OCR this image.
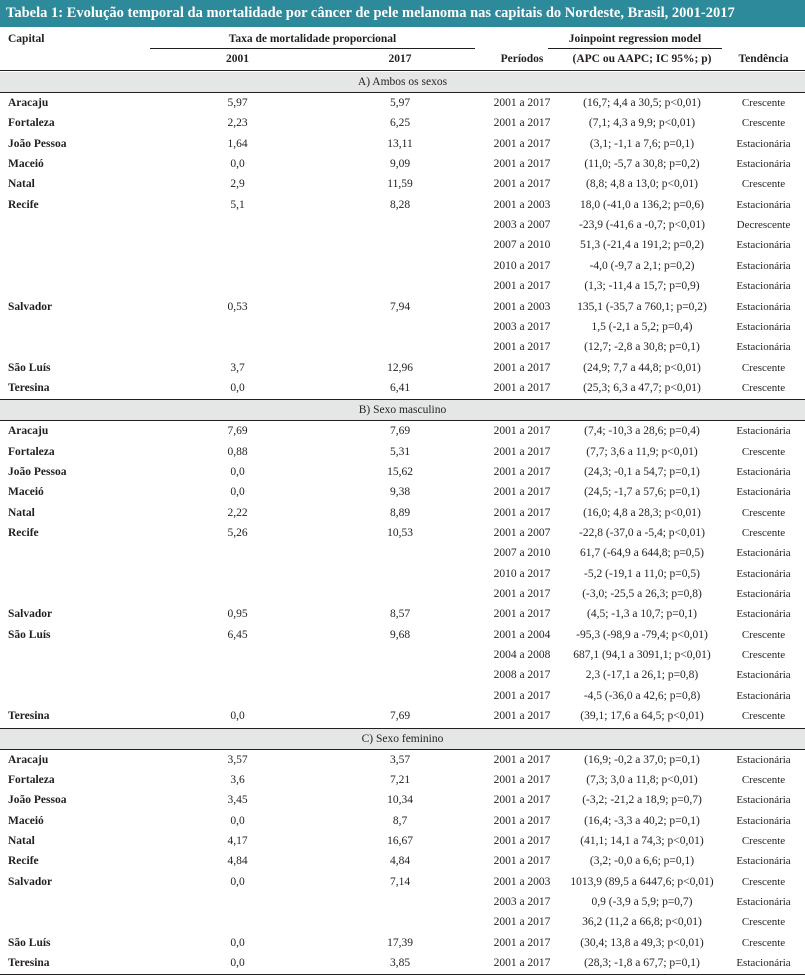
Tabela 1: Evolução temporal da mortalidade por câncer de pele melanoma nas capitais do Nordeste, Brasil, 2001-2017
Capital	Taxa de mortalidade proporcional	Joinpoint regression model
2001	2017	Períodos	(APC ou AAPC; IC 95%; p)	Tendência
A) Ambos os sexos
Aracaju	5,97	5,97	2001 a 2017	(16,7; 4,4 a 30,5; p<0,01)	Crescente
Fortaleza	2,23	6,25	2001 a 2017	(7,1; 4,3 a 9,9; p<0,01)	Crescente
João Pessoa	1,64	13,11	2001 a 2017	(3,1; -1,1 a 7,6; p=0,1)	Estacionária
Maceió	0,0	9,09	2001 a 2017	(11,0; -5,7 a 30,8; p=0,2)	Estacionária
Natal	2,9	11,59	2001 a 2017	(8,8; 4,8 a 13,0; p<0,01)	Crescente
Recife	5,1	8,28	2001 a 2003	18,0 (-41,0 a 136,2; p=0,6)	Estacionária
2003 a 2007	-23,9 (-41,6 a -0,7; p<0,01)	Decrescente
2007 a 2010	51,3 (-21,4 a 191,2; p=0,2)	Estacionária
2010 a 2017	-4,0 (-9,7 a 2,1; p=0,2)	Estacionária
2001 a 2017	(1,3; -11,4 a 15,7; p=0,9)	Estacionária
Salvador	0,53	7,94	2001 a 2003	135,1 (-35,7 a 760,1; p=0,2)	Estacionária
2003 a 2017	1,5 (-2,1 a 5,2; p=0,4)	Estacionária
2001 a 2017	(12,7; -2,8 a 30,8; p=0,1)	Estacionária
São Luís	3,7	12,96	2001 a 2017	(24,9; 7,7 a 44,8; p<0,01)	Crescente
Teresina	0,0	6,41	2001 a 2017	(25,3; 6,3 a 47,7; p<0,01)	Crescente
B) Sexo masculino
Aracaju	7,69	7,69	2001 a 2017	(7,4; -10,3 a 28,6; p=0,4)	Estacionária
Fortaleza	0,88	5,31	2001 a 2017	(7,7; 3,6 a 11,9; p<0,01)	Crescente
João Pessoa	0,0	15,62	2001 a 2017	(24,3; -0,1 a 54,7; p=0,1)	Estacionária
Maceió	0,0	9,38	2001 a 2017	(24,5; -1,7 a 57,6; p=0,1)	Estacionária
Natal	2,22	8,89	2001 a 2017	(16,0; 4,8 a 28,3; p<0,01)	Crescente
Recife	5,26	10,53	2001 a 2007	-22,8 (-37,0 a -5,4; p<0,01)	Crescente
2007 a 2010	61,7 (-64,9 a 644,8; p=0,5)	Estacionária
2010 a 2017	-5,2 (-19,1 a 11,0; p=0,5)	Estacionária
2001 a 2017	(-3,0; -25,5 a 26,3; p=0,8)	Estacionária
Salvador	0,95	8,57	2001 a 2017	(4,5; -1,3 a 10,7; p=0,1)	Estacionária
São Luís	6,45	9,68	2001 a 2004	-95,3 (-98,9 a -79,4; p<0,01)	Crescente
2004 a 2008	687,1 (94,1 a 3091,1; p<0,01)	Crescente
2008 a 2017	2,3 (-17,1 a 26,1; p=0,8)	Estacionária
2001 a 2017	-4,5 (-36,0 a 42,6; p=0,8)	Estacionária
Teresina	0,0	7,69	2001 a 2017	(39,1; 17,6 a 64,5; p<0,01)	Crescente
C) Sexo feminino
Aracaju	3,57	3,57	2001 a 2017	(16,9; -0,2 a 37,0; p=0,1)	Estacionária
Fortaleza	3,6	7,21	2001 a 2017	(7,3; 3,0 a 11,8; p<0,01)	Crescente
João Pessoa	3,45	10,34	2001 a 2017	(-3,2; -21,2 a 18,9; p=0,7)	Estacionária
Maceió	0,0	8,7	2001 a 2017	(16,4; -3,3 a 40,2; p=0,1)	Estacionária
Natal	4,17	16,67	2001 a 2017	(41,1; 14,1 a 74,3; p<0,01)	Crescente
Recife	4,84	4,84	2001 a 2017	(3,2; -0,0 a 6,6; p=0,1)	Estacionária
Salvador	0,0	7,14	2001 a 2003	1013,9 (89,5 a 6447,6; p<0,01)	Crescente
2003 a 2017	0,9 (-3,9 a 5,9; p=0,7)	Estacionária
2001 a 2017	36,2 (11,2 a 66,8; p<0,01)	Crescente
São Luís	0,0	17,39	2001 a 2017	(30,4; 13,8 a 49,3; p<0,01)	Crescente
Teresina	0,0	3,85	2001 a 2017	(28,3; -1,8 a 67,7; p=0,1)	Estacionária
